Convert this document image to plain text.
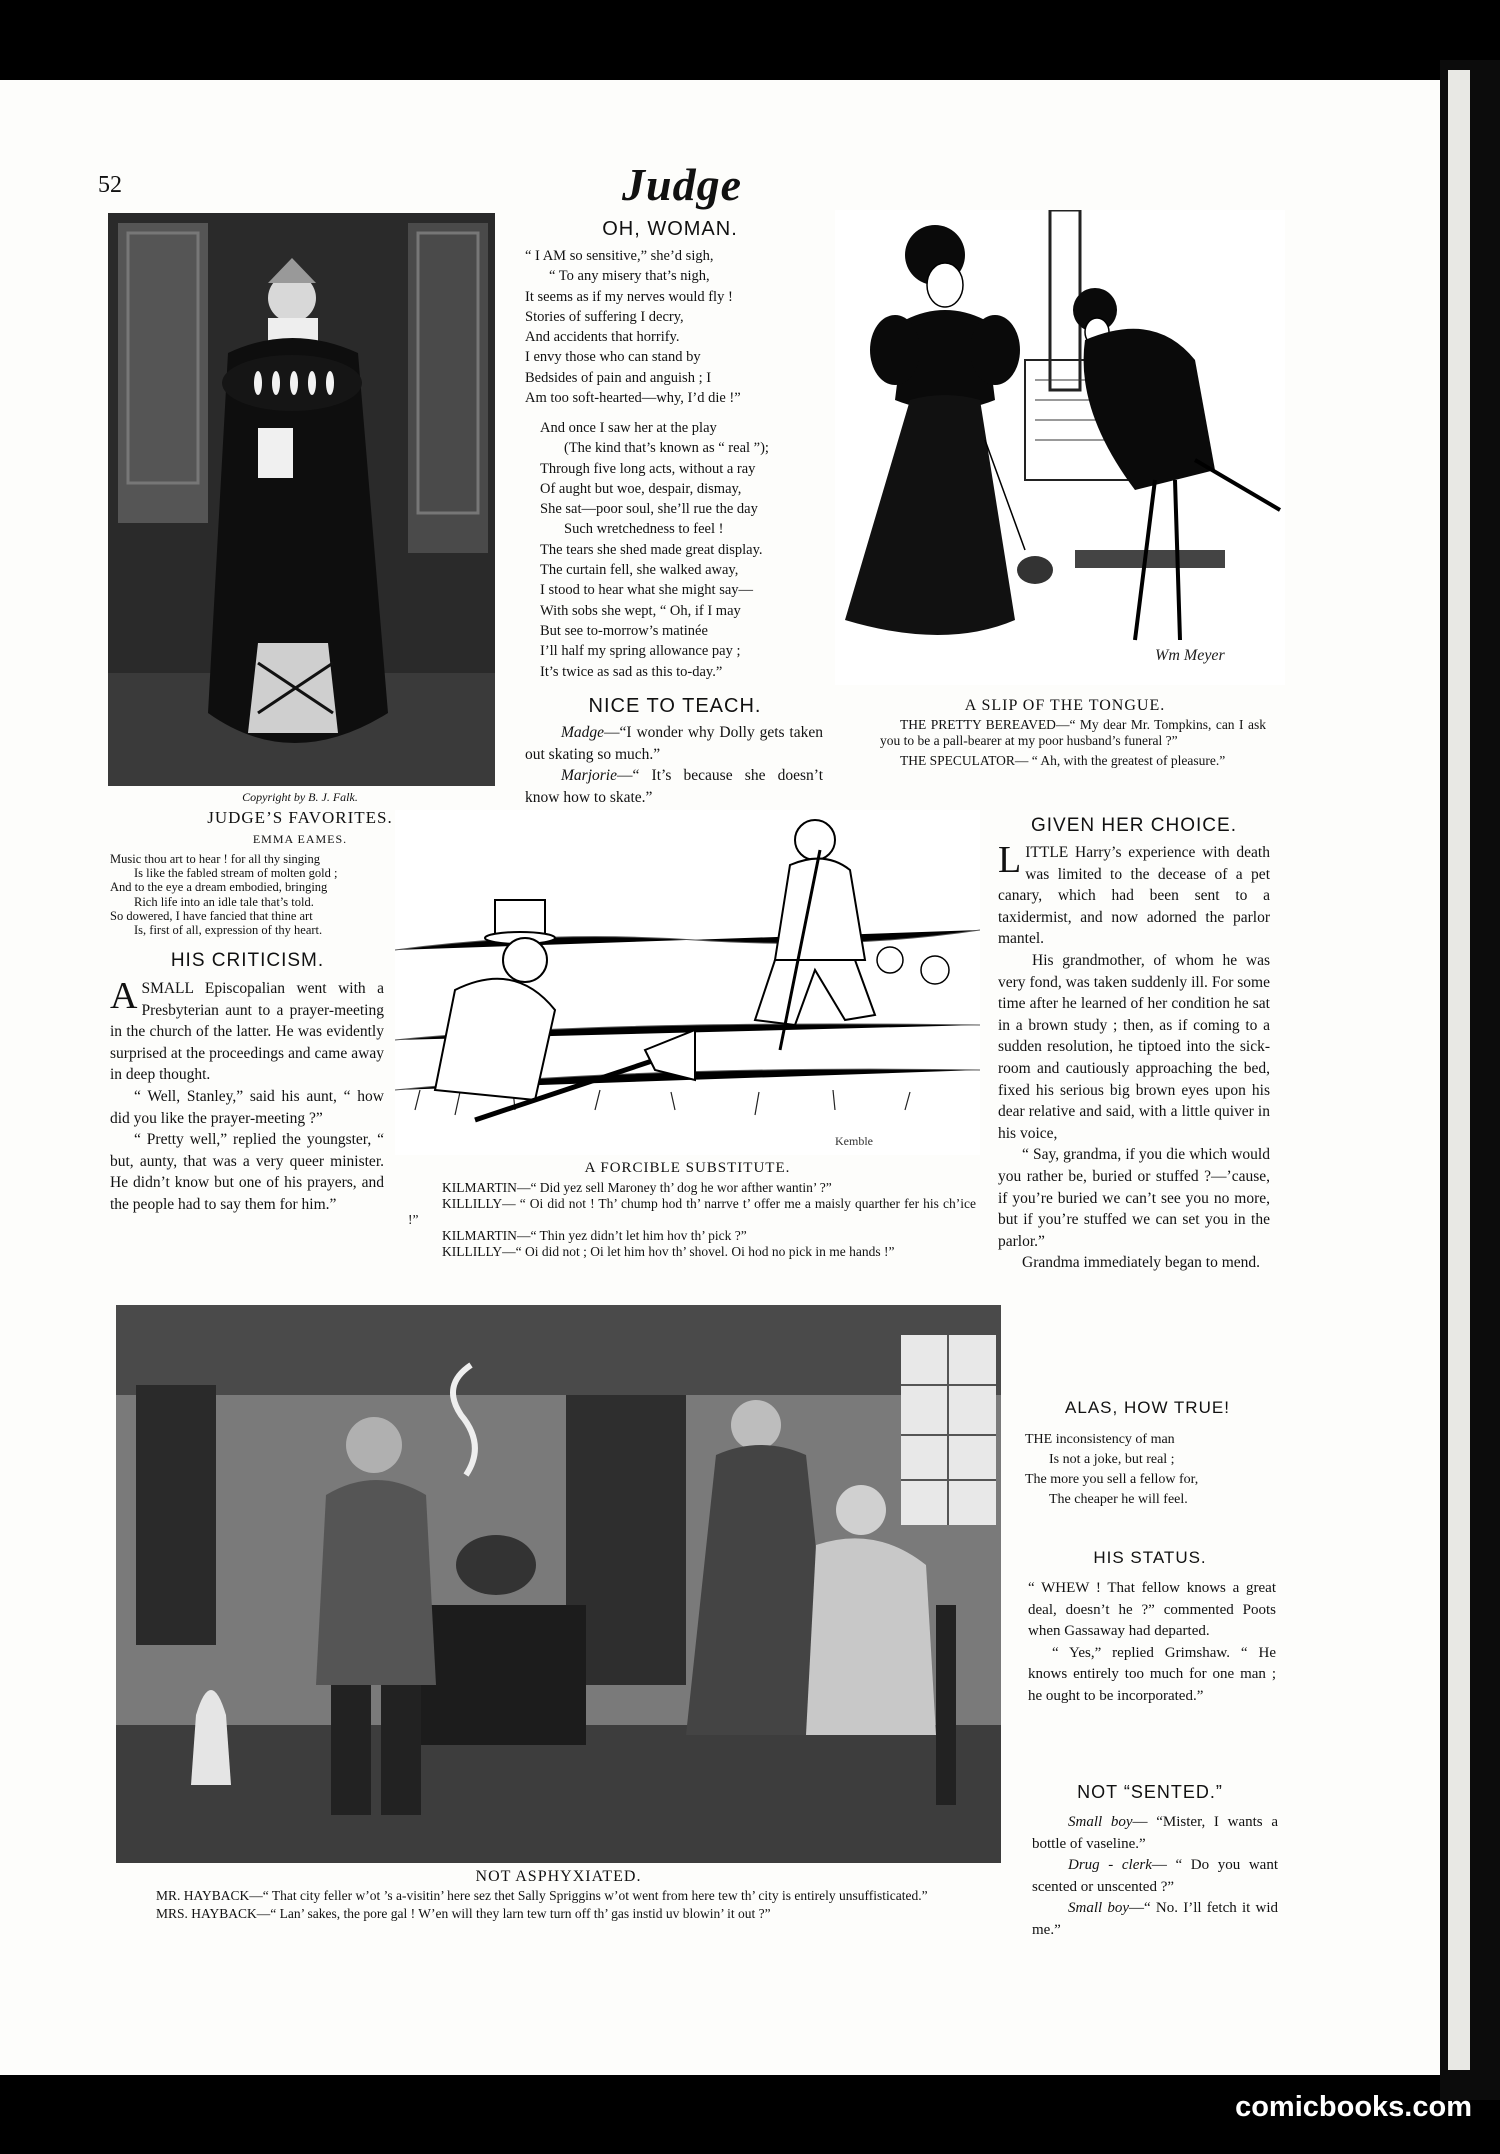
52	Judge
Copyright by B. J. Falk.
JUDGE’S FAVORITES.
EMMA EAMES.

Music thou art to hear ! for all thy singing

Is like the fabled stream of molten gold ;

And to the eye a dream embodied, bringing

Rich life into an idle tale that’s told.

So dowered, I have fancied that thine art

Is, first of all, expression of thy heart.

OH, WOMAN.

“ I AM so sensitive,” she’d sigh,

“ To any misery that’s nigh,

It seems as if my nerves would fly !

Stories of suffering I decry,

And accidents that horrify.

I envy those who can stand by

Bedsides of pain and anguish ; I

Am too soft-hearted—why, I’d die !”

And once I saw her at the play

(The kind that’s known as “ real ”);

Through five long acts, without a ray

Of aught but woe, despair, dismay,

She sat—poor soul, she’ll rue the day

Such wretchedness to feel !

The tears she shed made great display.

The curtain fell, she walked away,

I stood to hear what she might say—

With sobs she wept, “ Oh, if I may

But see to-morrow’s matinée

I’ll half my spring allowance pay ;

It’s twice as sad as this to-day.”

NICE TO TEACH.

Madge—“I wonder why Dolly gets taken out skating so much.”

Marjorie—“ It’s because she doesn’t know how to skate.”

Wm Meyer
A SLIP OF THE TONGUE.
THE PRETTY BEREAVED—“ My dear Mr. Tompkins, can I ask you to be a pall-bearer at my poor husband’s funeral ?”
THE SPECULATOR— “ Ah, with the greatest of pleasure.”
HIS CRITICISM.

ASMALL Episcopalian went with a Presbyterian aunt to a prayer-meeting in the church of the latter. He was evidently surprised at the proceedings and came away in deep thought.

“ Well, Stanley,” said his aunt, “ how did you like the prayer-meeting ?”

“ Pretty well,” replied the youngster, “ but, aunty, that was a very queer minister. He didn’t know but one of his prayers, and the people had to say them for him.”

Kemble
A FORCIBLE SUBSTITUTE.
KILMARTIN—“ Did yez sell Maroney th’ dog he wor afther wantin’ ?”
KILLILLY— “ Oi did not ! Th’ chump hod th’ narrve t’ offer me a maisly quarther fer his ch’ice !”
KILMARTIN—“ Thin yez didn’t let him hov th’ pick ?”
KILLILLY—“ Oi did not ; Oi let him hov th’ shovel. Oi hod no pick in me hands !”
GIVEN HER CHOICE.

LITTLE Harry’s experience with death was limited to the decease of a pet canary, which had been sent to a taxidermist, and now adorned the parlor mantel.

His grandmother, of whom he was very fond, was taken suddenly ill. For some time after he learned of her condition he sat in a brown study ; then, as if coming to a sudden resolution, he tiptoed into the sick-room and cautiously approaching the bed, fixed his serious big brown eyes upon his dear relative and said, with a little quiver in his voice,

“ Say, grandma, if you die which would you rather be, buried or stuffed ?—’cause, if you’re buried we can’t see you no more, but if you’re stuffed we can set you in the parlor.”

Grandma immediately began to mend.

NOT ASPHYXIATED.
MR. HAYBACK—“ That city feller w’ot ’s a-visitin’ here sez thet Sally Spriggins w’ot went from here tew th’ city is entirely unsuffisticated.”
MRS. HAYBACK—“ Lan’ sakes, the pore gal ! W’en will they larn tew turn off th’ gas instid uv blowin’ it out ?”
ALAS, HOW TRUE!

THE inconsistency of man

Is not a joke, but real ;

The more you sell a fellow for,

The cheaper he will feel.

HIS STATUS.

“ WHEW ! That fellow knows a great deal, doesn’t he ?” commented Poots when Gassaway had departed.

“ Yes,” replied Grimshaw. “ He knows entirely too much for one man ; he ought to be incorporated.”

NOT “SENTED.”

Small boy— “Mister, I wants a bottle of vaseline.”

Drug - clerk— “ Do you want scented or unscented ?”

Small boy—“ No. I’ll fetch it wid me.”

comicbooks.com
